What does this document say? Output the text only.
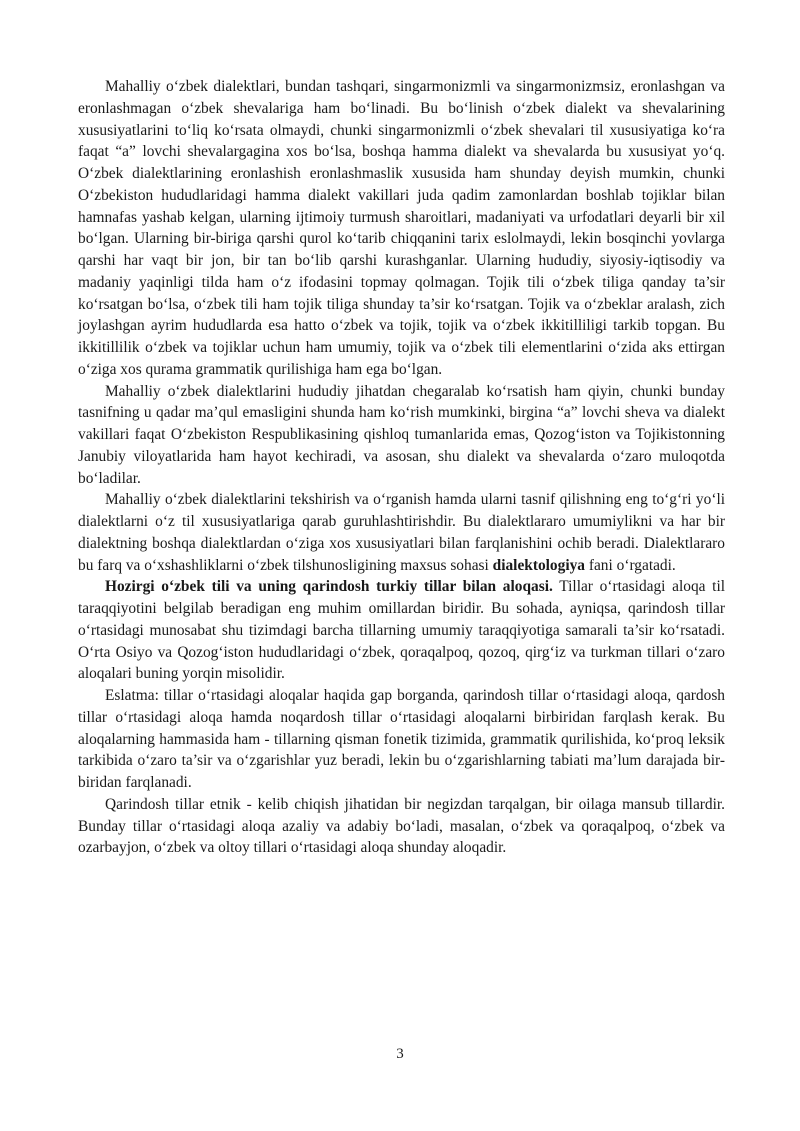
Mahalliy o‘zbek dialektlari, bundan tashqari, singarmonizmli va singarmonizmsiz, eronlashgan va eronlashmagan o‘zbek shevalariga ham bo‘linadi. Bu bo‘linish o‘zbek dialekt va shevalarining xususiyatlarini to‘liq ko‘rsata olmaydi, chunki singarmonizmli o‘zbek shevalari til xususiyatiga ko‘ra faqat “a” lovchi shevalargagina xos bo‘lsa, boshqa hamma dialekt va shevalarda bu xususiyat yo‘q. O‘zbek dialektlarining eronlashish eronlashmaslik xususida ham shunday deyish mumkin, chunki O‘zbekiston hududlaridagi hamma dialekt vakillari juda qadim zamonlardan boshlab tojiklar bilan hamnafas yashab kelgan, ularning ijtimoiy turmush sharoitlari, madaniyati va urfodatlari deyarli bir xil bo‘lgan. Ularning bir-biriga qarshi qurol ko‘tarib chiqqanini tarix eslolmaydi, lekin bosqinchi yovlarga qarshi har vaqt bir jon, bir tan bo‘lib qarshi kurashganlar. Ularning hududiy, siyosiy-iqtisodiy va madaniy yaqinligi tilda ham o‘z ifodasini topmay qolmagan. Tojik tili o‘zbek tiliga qanday ta’sir ko‘rsatgan bo‘lsa, o‘zbek tili ham tojik tiliga shunday ta’sir ko‘rsatgan. Tojik va o‘zbeklar aralash, zich joylashgan ayrim hududlarda esa hatto o‘zbek va tojik, tojik va o‘zbek ikkitilliligi tarkib topgan. Bu ikkitillilik o‘zbek va tojiklar uchun ham umumiy, tojik va o‘zbek tili elementlarini o‘zida aks ettirgan o‘ziga xos qurama grammatik qurilishiga ham ega bo‘lgan.

Mahalliy o‘zbek dialektlarini hududiy jihatdan chegaralab ko‘rsatish ham qiyin, chunki bunday tasnifning u qadar ma’qul emasligini shunda ham ko‘rish mumkinki, birgina “a” lovchi sheva va dialekt vakillari faqat O‘zbekiston Respublikasining qishloq tumanlarida emas, Qozog‘iston va Tojikistonning Janubiy viloyatlarida ham hayot kechiradi, va asosan, shu dialekt va shevalarda o‘zaro muloqotda bo‘ladilar.

Mahalliy o‘zbek dialektlarini tekshirish va o‘rganish hamda ularni tasnif qilishning eng to‘g‘ri yo‘li dialektlarni o‘z til xususiyatlariga qarab guruhlashtirishdir. Bu dialektlararo umumiylikni va har bir dialektning boshqa dialektlardan o‘ziga xos xususiyatlari bilan farqlanishini ochib beradi. Dialektlararo bu farq va o‘xshashliklarni o‘zbek tilshunosligining maxsus sohasi dialektologiya fani o‘rgatadi.

Hozirgi o‘zbek tili va uning qarindosh turkiy tillar bilan aloqasi. Tillar o‘rtasidagi aloqa til taraqqiyotini belgilab beradigan eng muhim omillardan biridir. Bu sohada, ayniqsa, qarindosh tillar o‘rtasidagi munosabat shu tizimdagi barcha tillarning umumiy taraqqiyotiga samarali ta’sir ko‘rsatadi. O‘rta Osiyo va Qozog‘iston hududlaridagi o‘zbek, qoraqalpoq, qozoq, qirg‘iz va turkman tillari o‘zaro aloqalari buning yorqin misolidir.

Eslatma: tillar o‘rtasidagi aloqalar haqida gap borganda, qarindosh tillar o‘rtasidagi aloqa, qardosh tillar o‘rtasidagi aloqa hamda noqardosh tillar o‘rtasidagi aloqalarni birbiridan farqlash kerak. Bu aloqalarning hammasida ham - tillarning qisman fonetik tizimida, grammatik qurilishida, ko‘proq leksik tarkibida o‘zaro ta’sir va o‘zgarishlar yuz beradi, lekin bu o‘zgarishlarning tabiati ma’lum darajada bir-biridan farqlanadi.

Qarindosh tillar etnik - kelib chiqish jihatidan bir negizdan tarqalgan, bir oilaga mansub tillardir. Bunday tillar o‘rtasidagi aloqa azaliy va adabiy bo‘ladi, masalan, o‘zbek va qoraqalpoq, o‘zbek va ozarbayjon, o‘zbek va oltoy tillari o‘rtasidagi aloqa shunday aloqadir.

3
